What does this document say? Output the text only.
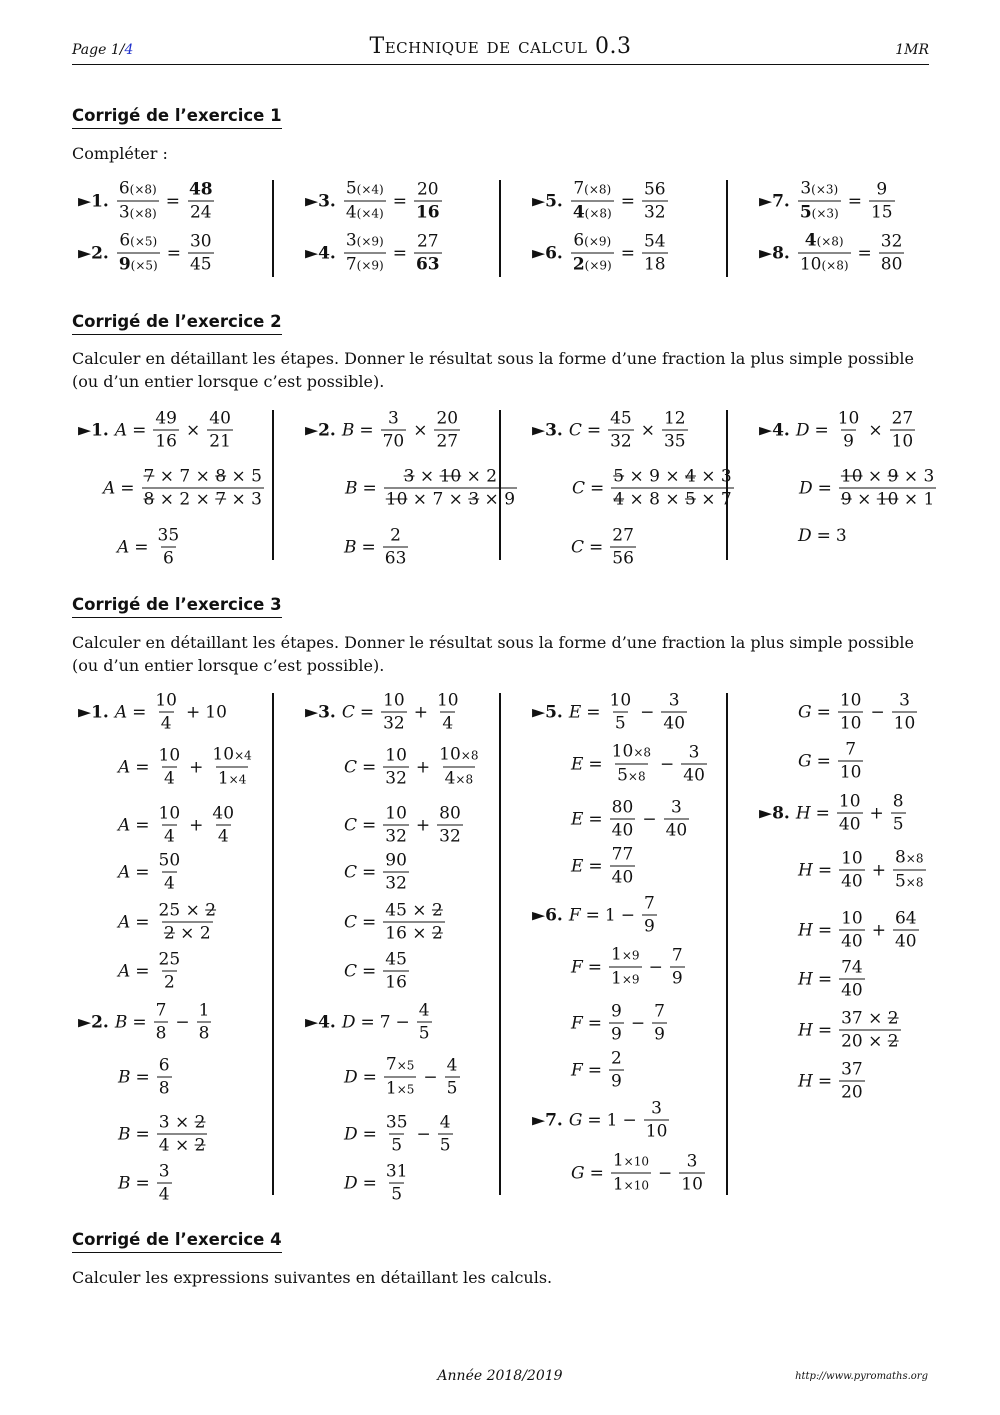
Page 1/4	Technique de calcul 0.3	1MR
Corrigé de l’exercice 1
Compléter :
Corrigé de l’exercice 2
Calculer en détaillant les étapes. Donner le résultat sous la forme d’une fraction la plus simple possible (ou d’un entier lorsque c’est possible).
Corrigé de l’exercice 3
Calculer en détaillant les étapes. Donner le résultat sous la forme d’une fraction la plus simple possible (ou d’un entier lorsque c’est possible).
►1. $A = \frac{10}{4} + 10$
$A = \frac{10}{4} + \frac{10\times 4}{1\times 4}$
$A = \frac{10}{4} + \frac{40}{4}$
$A = \frac{50}{4}$
$A = \frac{25 \times 2}{2 \times 2}$
$A = \frac{25}{2}$
►2. $B = \frac{7}{8} - \frac{1}{8}$
$B = \frac{6}{8}$
$B = \frac{3 \times 2}{4 \times 2}$
$B = \frac{3}{4}$
►3. $C = \frac{10}{32} + \frac{10}{4}$
$C = \frac{10}{32} + \frac{10\times 8}{4\times 8}$
$C = \frac{10}{32} + \frac{80}{32}$
$C = \frac{90}{32}$
$C = \frac{45 \times 2}{16 \times 2}$
$C = \frac{45}{16}$
►4. $D = 7 - \frac{4}{5}$
$D = \frac{7\times 5}{1\times 5} - \frac{4}{5}$
$D = \frac{35}{5} - \frac{4}{5}$
$D = \frac{31}{5}$
►5. $E = \frac{10}{5} - \frac{3}{40}$
$E = \frac{10\times 8}{5\times 8} - \frac{3}{40}$
$E = \frac{80}{40} - \frac{3}{40}$
$E = \frac{77}{40}$
►6. $F = 1 - \frac{7}{9}$
$F = \frac{1\times 9}{1\times 9} - \frac{7}{9}$
$F = \frac{9}{9} - \frac{7}{9}$
$F = \frac{2}{9}$
►7. $G = 1 - \frac{3}{10}$
$G = \frac{1\times 10}{1\times 10} - \frac{3}{10}$
$G = \frac{10}{10} - \frac{3}{10}$
$G = \frac{7}{10}$
►8. $H = \frac{10}{40} + \frac{8}{5}$
$H = \frac{10}{40} + \frac{8\times 8}{5\times 8}$
$H = \frac{10}{40} + \frac{64}{40}$
$H = \frac{74}{40}$
$H = \frac{37 \times 2}{20 \times 2}$
$H = \frac{37}{20}$
Corrigé de l’exercice 4
Calculer les expressions suivantes en détaillant les calculs.
Année 2018/2019	http://www.pyromaths.org
►1. $\frac{6(\times 8)}{3(\times 8)} = \frac{48}{24}$
►2. $\frac{6(\times 5)}{9(\times 5)} = \frac{30}{45}$
►3. $\frac{5(\times 4)}{4(\times 4)} = \frac{20}{16}$
►4. $\frac{3(\times 9)}{7(\times 9)} = \frac{27}{63}$
►5. $\frac{7(\times 8)}{4(\times 8)} = \frac{56}{32}$
►6. $\frac{6(\times 9)}{2(\times 9)} = \frac{54}{18}$
►7. $\frac{3(\times 3)}{5(\times 3)} = \frac{9}{15}$
►8. $\frac{4(\times 8)}{10(\times 8)} = \frac{32}{80}$
►1. $A = \frac{49}{16} \times \frac{40}{21}$
$A = \frac{7 \times 7 \times 8 \times 5}{8 \times 2 \times 7 \times 3}$
$A = \frac{35}{6}$
►2. $B = \frac{3}{70} \times \frac{20}{27}$
$B = \frac{3 \times 10 \times 2}{10 \times 7 \times 3 \times 9}$
$B = \frac{2}{63}$
►3. $C = \frac{45}{32} \times \frac{12}{35}$
$C = \frac{5 \times 9 \times 4 \times 3}{4 \times 8 \times 5 \times 7}$
$C = \frac{27}{56}$
►4. $D = \frac{10}{9} \times \frac{27}{10}$
$D = \frac{10 \times 9 \times 3}{9 \times 10 \times 1}$
D = 3
